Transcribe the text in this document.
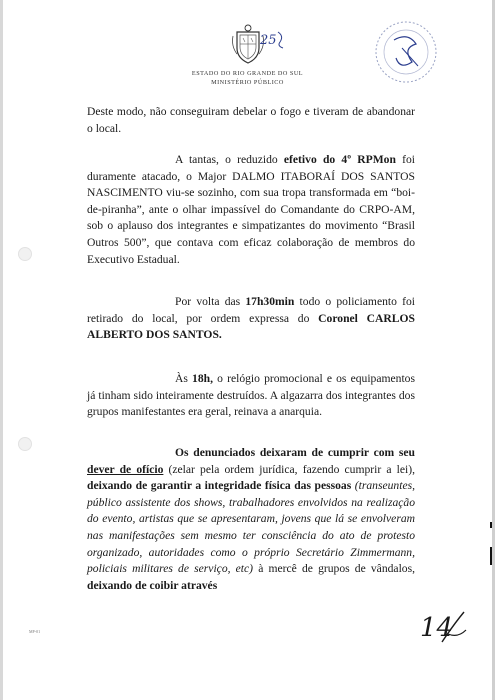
ESTADO DO RIO GRANDE DO SUL
MINISTÉRIO PÚBLICO
25
Deste modo, não conseguiram debelar o fogo e tiveram de abandonar o local.
A tantas, o reduzido efetivo do 4º RPMon foi duramente atacado, o Major DALMO ITABORAÍ DOS SANTOS NASCIMENTO viu-se sozinho, com sua tropa transformada em “boi-de-piranha”, ante o olhar impassível do Comandante do CRPO-AM, sob o aplauso dos integrantes e simpatizantes do movimento “Brasil Outros 500”, que contava com eficaz colaboração de membros do Executivo Estadual.
Por volta das 17h30min todo o policiamento foi retirado do local, por ordem expressa do Coronel CARLOS ALBERTO DOS SANTOS.
Às 18h, o relógio promocional e os equipamentos já tinham sido inteiramente destruídos. A algazarra dos integrantes dos grupos manifestantes era geral, reinava a anarquia.
Os denunciados deixaram de cumprir com seu dever de ofício (zelar pela ordem jurídica, fazendo cumprir a lei), deixando de garantir a integridade física das pessoas (transeuntes, público assistente dos shows, trabalhadores envolvidos na realização do evento, artistas que se apresentaram, jovens que lá se envolveram nas manifestações sem mesmo ter consciência do ato de protesto organizado, autoridades como o próprio Secretário Zimmermann, policiais militares de serviço, etc) à mercê de grupos de vândalos, deixando de coibir através
MP-01	14
